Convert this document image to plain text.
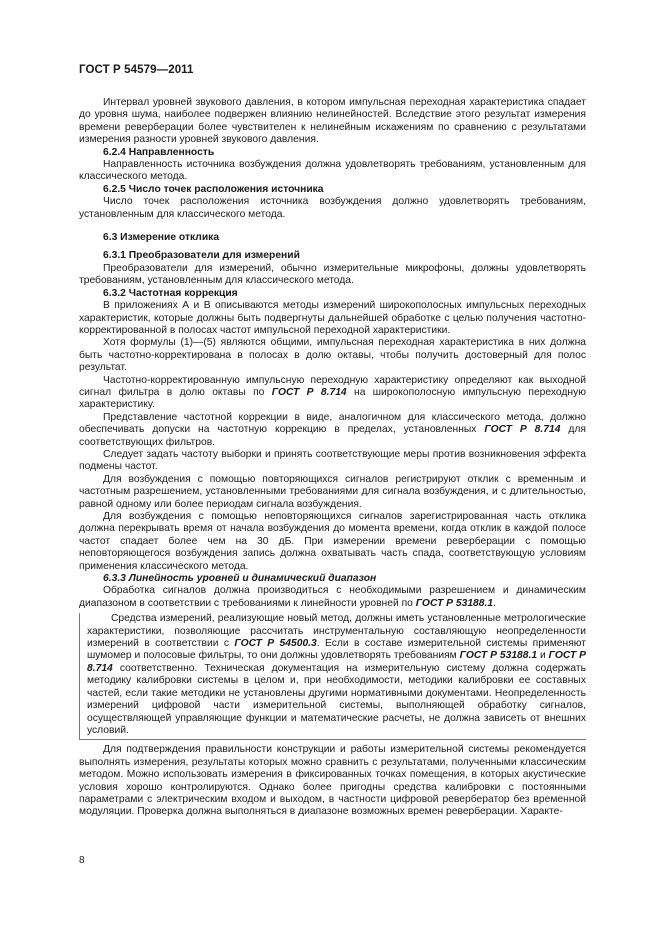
ГОСТ Р 54579—2011

Интервал уровней звукового давления, в котором импульсная переходная характеристика спадает до уровня шума, наиболее подвержен влиянию нелинейностей. Вследствие этого результат измерения времени реверберации более чувствителен к нелинейным искажениям по сравнению с результатами измерения разности уровней звукового давления.

6.2.4 Направленность

Направленность источника возбуждения должна удовлетворять требованиям, установленным для классического метода.

6.2.5 Число точек расположения источника

Число точек расположения источника возбуждения должно удовлетворять требованиям, установленным для классического метода.

6.3 Измерение отклика

6.3.1 Преобразователи для измерений

Преобразователи для измерений, обычно измерительные микрофоны, должны удовлетворять требованиям, установленным для классического метода.

6.3.2 Частотная коррекция

В приложениях А и В описываются методы измерений широкополосных импульсных переходных характеристик, которые должны быть подвергнуты дальнейшей обработке с целью получения частотно-корректированной в полосах частот импульсной переходной характеристики.

Хотя формулы (1)—(5) являются общими, импульсная переходная характеристика в них должна быть частотно-корректирована в полосах в долю октавы, чтобы получить достоверный для полос результат.

Частотно-корректированную импульсную переходную характеристику определяют как выходной сигнал фильтра в долю октавы по ГОСТ Р 8.714 на широкополосную импульсную переходную характеристику.

Представление частотной коррекции в виде, аналогичном для классического метода, должно обеспечивать допуски на частотную коррекцию в пределах, установленных ГОСТ Р 8.714 для соответствующих фильтров.

Следует задать частоту выборки и принять соответствующие меры против возникновения эффекта подмены частот.

Для возбуждения с помощью повторяющихся сигналов регистрируют отклик с временным и частотным разрешением, установленными требованиями для сигнала возбуждения, и с длительностью, равной одному или более периодам сигнала возбуждения.

Для возбуждения с помощью неповторяющихся сигналов зарегистрированная часть отклика должна перекрывать время от начала возбуждения до момента времени, когда отклик в каждой полосе частот спадает более чем на 30 дБ. При измерении времени реверберации с помощью неповторяющегося возбуждения запись должна охватывать часть спада, соответствующую условиям применения классического метода.

6.3.3 Линейность уровней и динамический диапазон

Обработка сигналов должна производиться с необходимыми разрешением и динамическим диапазоном в соответствии с требованиями к линейности уровней по ГОСТ Р 53188.1.

Средства измерений, реализующие новый метод, должны иметь установленные метрологические характеристики, позволяющие рассчитать инструментальную составляющую неопределенности измерений в соответствии с ГОСТ Р 54500.3. Если в составе измерительной системы применяют шумомер и полосовые фильтры, то они должны удовлетворять требованиям ГОСТ Р 53188.1 и ГОСТ Р 8.714 соответственно. Техническая документация на измерительную систему должна содержать методику калибровки системы в целом и, при необходимости, методики калибровки ее составных частей, если такие методики не установлены другими нормативными документами. Неопределенность измерений цифровой части измерительной системы, выполняющей обработку сигналов, осуществляющей управляющие функции и математические расчеты, не должна зависеть от внешних условий.

Для подтверждения правильности конструкции и работы измерительной системы рекомендуется выполнять измерения, результаты которых можно сравнить с результатами, полученными классическим методом. Можно использовать измерения в фиксированных точках помещения, в которых акустические условия хорошо контролируются. Однако более пригодны средства калибровки с постоянными параметрами с электрическим входом и выходом, в частности цифровой ревербератор без временной модуляции. Проверка должна выполняться в диапазоне возможных времен реверберации. Характе-

8
